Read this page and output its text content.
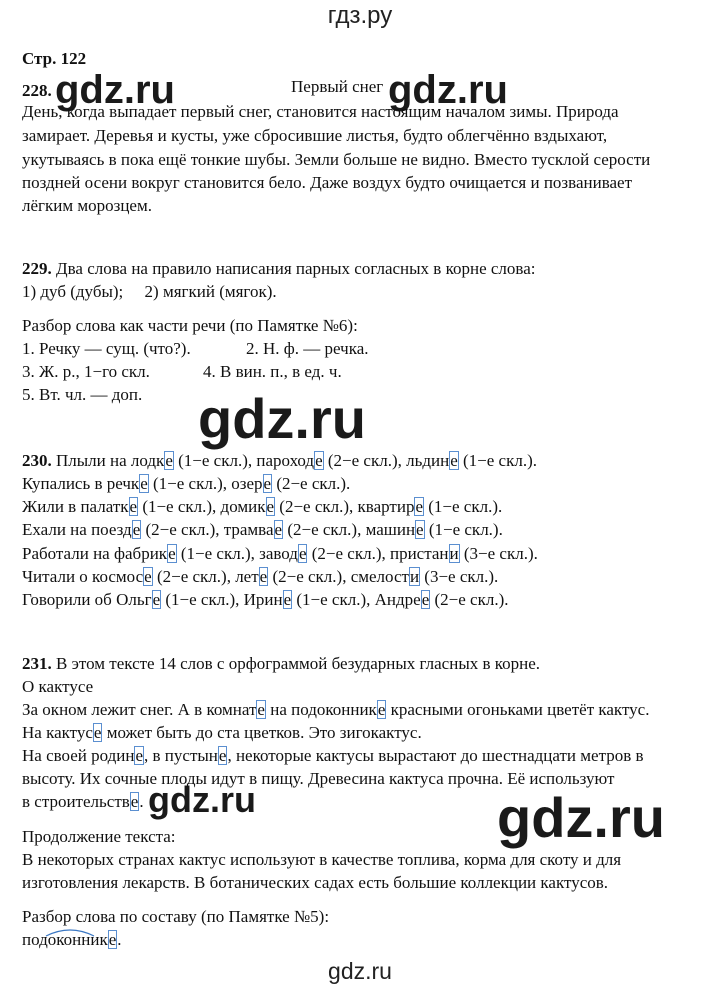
гдз.ру
gdz.ru	gdz.ru
gdz.ru
gdz.ru	gdz.ru
Стр. 122
228.	Первый снег
День, когда выпадает первый снег, становится настоящим началом зимы. Природа
замирает. Деревья и кусты, уже сбросившие листья, будто облегчённо вздыхают,
укутываясь в пока ещё тонкие шубы. Земли больше не видно. Вместо тусклой серости
поздней осени вокруг становится бело. Даже воздух будто очищается и позванивает
лёгким морозцем.
229. Два слова на правило написания парных согласных в корне слова:
1) дуб (дубы);     2) мягкий (мягок).
Разбор слова как части речи (по Памятке №6):
1. Речку — сущ. (что?).	2. Н. ф. — речка.
3. Ж. р., 1−го скл.	4. В вин. п., в ед. ч.
5. Вт. чл. — доп.
230. Плыли на лодке (1−е скл.), пароходе (2−е скл.), льдине (1−е скл.).
Купались в речке (1−е скл.), озере (2−е скл.).
Жили в палатке (1−е скл.), домике (2−е скл.), квартире (1−е скл.).
Ехали на поезде (2−е скл.), трамвае (2−е скл.), машине (1−е скл.).
Работали на фабрике (1−е скл.), заводе (2−е скл.), пристани (3−е скл.).
Читали о космосе (2−е скл.), лете (2−е скл.), смелости (3−е скл.).
Говорили об Ольге (1−е скл.), Ирине (1−е скл.), Андрее (2−е скл.).
231. В этом тексте 14 слов с орфограммой безударных гласных в корне.
О кактусе
За окном лежит снег. А в комнате на подоконнике красными огоньками цветёт кактус.
На кактусе может быть до ста цветков. Это зигокактус.
На своей родине, в пустыне, некоторые кактусы вырастают до шестнадцати метров в
высоту. Их сочные плоды идут в пищу. Древесина кактуса прочна. Её используют
в строительстве.
Продолжение текста:
В некоторых странах кактус используют в качестве топлива, корма для скоту и для
изготовления лекарств. В ботанических садах есть большие коллекции кактусов.
Разбор слова по составу (по Памятке №5):
подоконнике.
gdz.ru
